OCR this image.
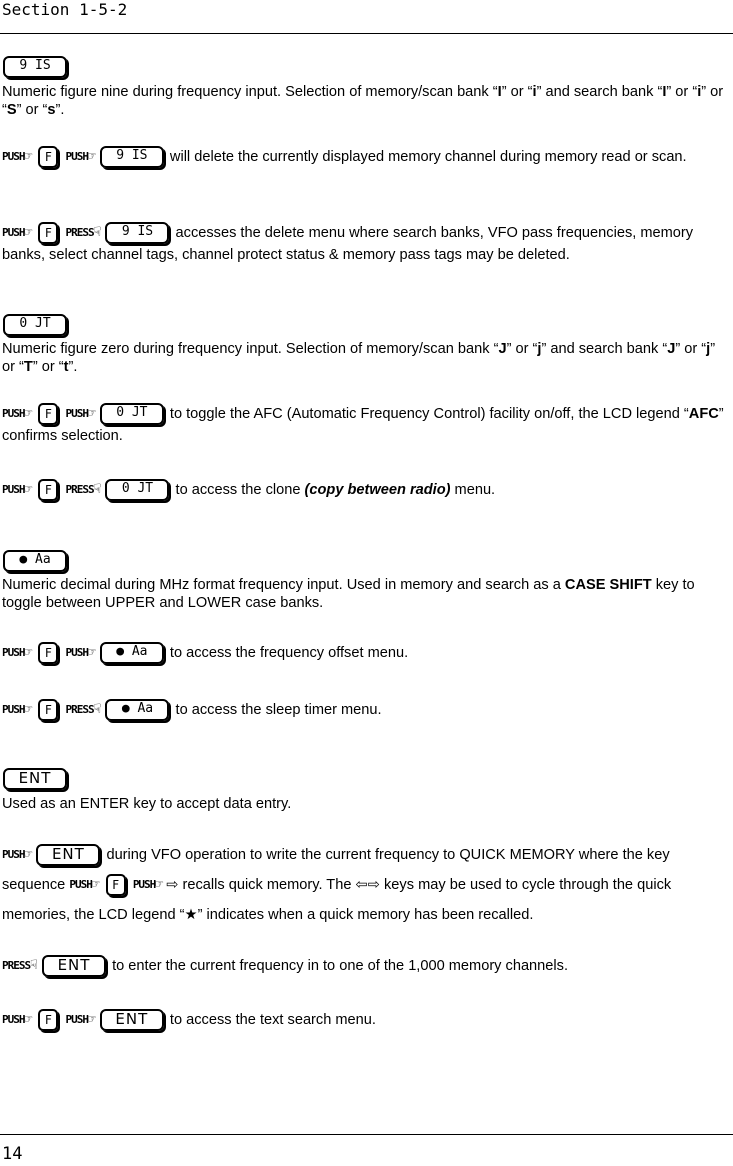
Section 1-5-2
9 IS
Numeric figure nine during frequency input. Selection of memory/scan bank “I” or “i” and search bank “I” or “i” or “S” or “s”.
PUSH☞ F PUSH☞ 9 IS will delete the currently displayed memory channel during memory read or scan.
PUSH☞ F PRESS☟ 9 IS accesses the delete menu where search banks, VFO pass frequencies, memory banks, select channel tags, channel protect status & memory pass tags may be deleted.
0 JT
Numeric figure zero during frequency input. Selection of memory/scan bank “J” or “j” and search bank “J” or “j” or “T” or “t”.
PUSH☞ F PUSH☞ 0 JT to toggle the AFC (Automatic Frequency Control) facility on/off, the LCD legend “AFC” confirms selection.
PUSH☞ F PRESS☟ 0 JT to access the clone (copy between radio) menu.
● Aa
Numeric decimal during MHz format frequency input. Used in memory and search as a CASE SHIFT key to toggle between UPPER and LOWER case banks.
PUSH☞ F PUSH☞ ● Aa to access the frequency offset menu.
PUSH☞ F PRESS☟ ● Aa to access the sleep timer menu.
ENT
Used as an ENTER key to accept data entry.
PUSH☞ ENT during VFO operation to write the current frequency to QUICK MEMORY where the key sequence PUSH☞ F PUSH☞ ⇨ recalls quick memory. The ⇦⇨ keys may be used to cycle through the quick memories, the LCD legend “★” indicates when a quick memory has been recalled.
PRESS☟ ENT to enter the current frequency in to one of the 1,000 memory channels.
PUSH☞ F PUSH☞ ENT to access the text search menu.
14
